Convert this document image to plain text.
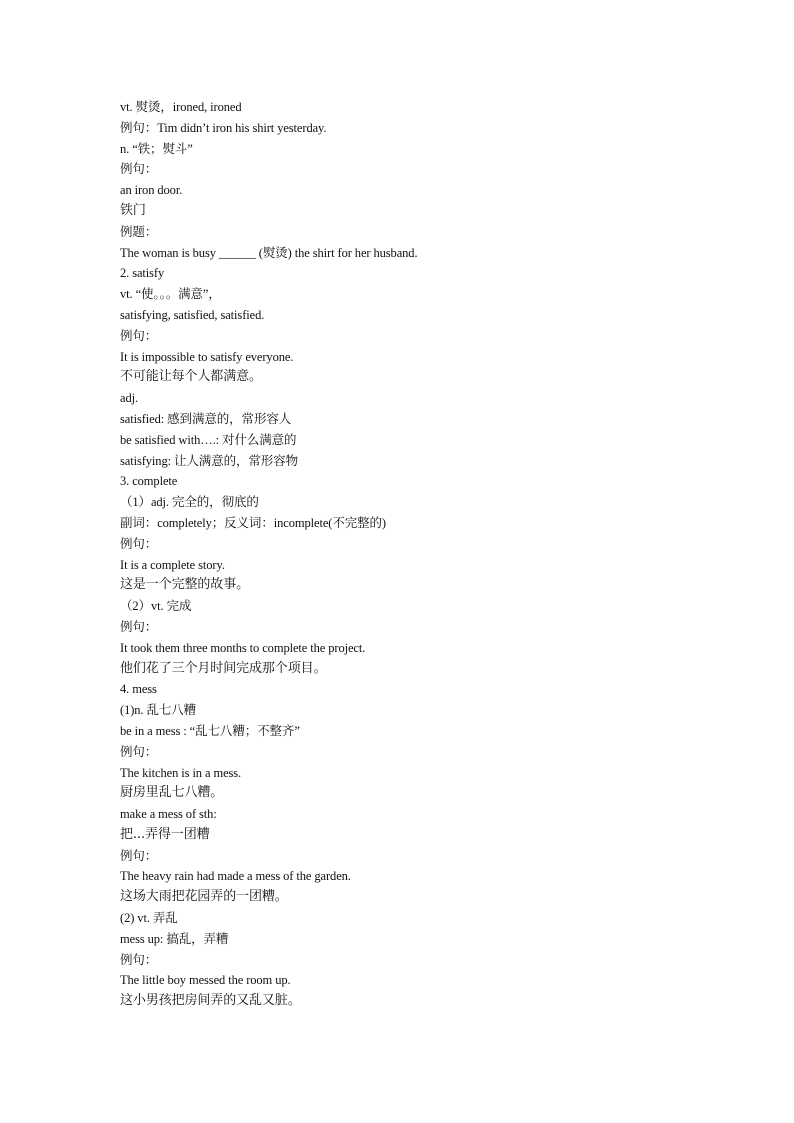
vt. 熨烫，ironed, ironed
例句：Tim didn’t iron his shirt yesterday.
n. “铁；熨斗”
例句：
an iron door.
铁门
例题：
The woman is busy ______ (熨烫) the shirt for her husband.
2. satisfy
vt. “使。。。满意”，
satisfying, satisfied, satisfied.
例句：
It is impossible to satisfy everyone.
不可能让每个人都满意。
adj.
satisfied: 感到满意的，常形容人
be satisfied with….: 对什么满意的
satisfying: 让人满意的，常形容物
3. complete
（1）adj. 完全的，彻底的
副词：completely；反义词：incomplete(不完整的)
例句：
It is a complete story.
这是一个完整的故事。
（2）vt. 完成
例句：
It took them three months to complete the project.
他们花了三个月时间完成那个项目。
4. mess
(1)n. 乱七八糟
be in a mess : “乱七八糟；不整齐”
例句：
The kitchen is in a mess.
厨房里乱七八糟。
make a mess of sth:
把...弄得一团糟
例句：
The heavy rain had made a mess of the garden.
这场大雨把花园弄的一团糟。
(2) vt. 弄乱
mess up: 搞乱，弄糟
例句：
The little boy messed the room up.
这小男孩把房间弄的又乱又脏。
